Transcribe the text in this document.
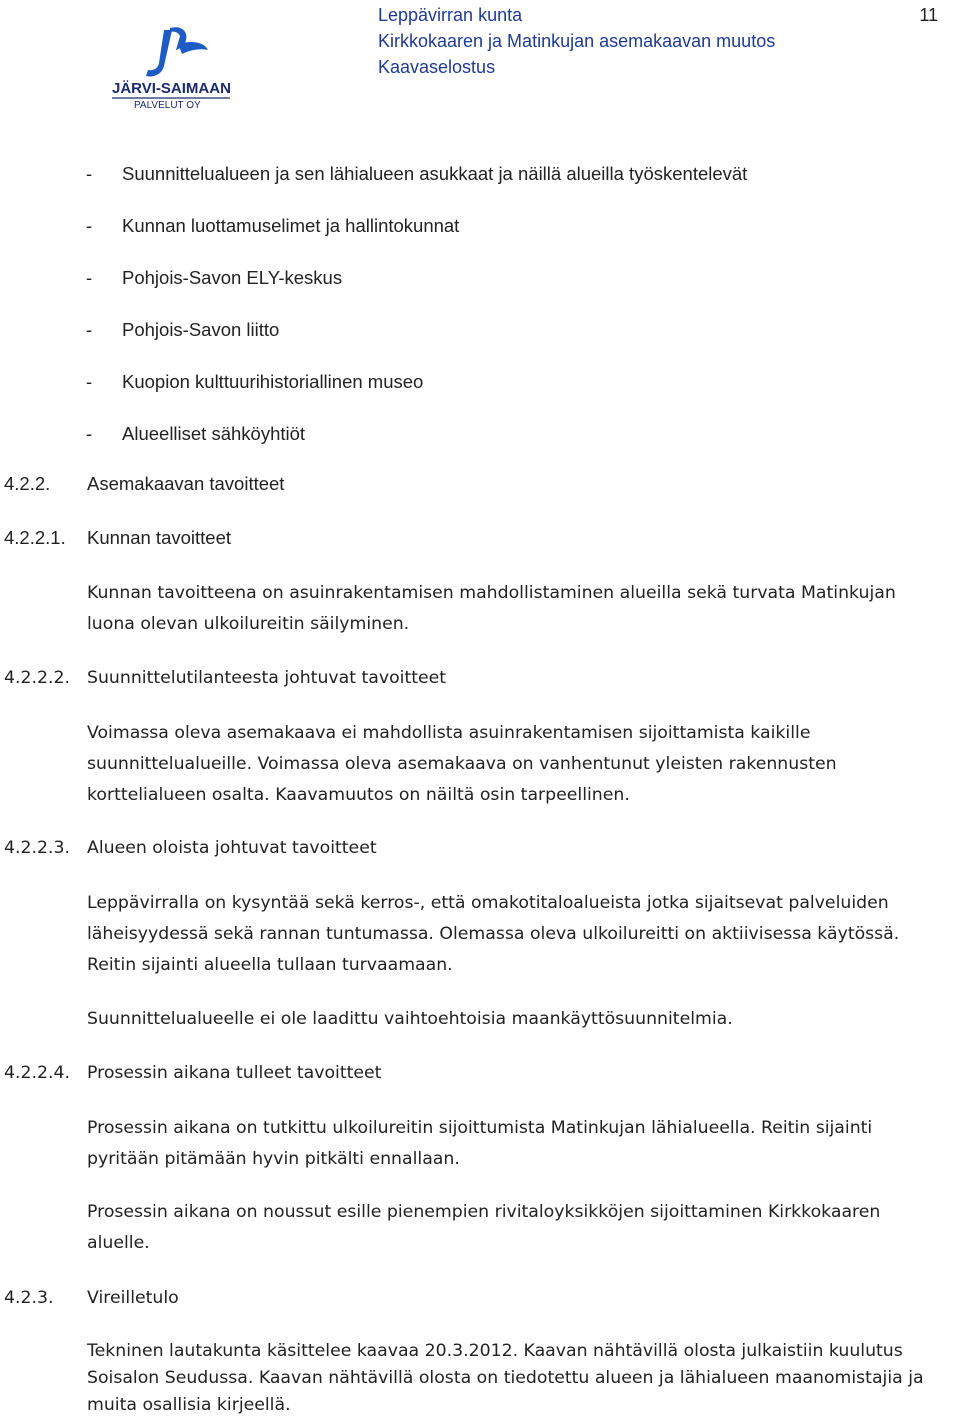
JÄRVI-SAIMAAN
PALVELUT OY
Leppävirran kunta
Kirkkokaaren ja Matinkujan asemakaavan muutos
Kaavaselostus
11
- Suunnittelualueen ja sen lähialueen asukkaat ja näillä alueilla työskentelevät
- Kunnan luottamuselimet ja hallintokunnat
- Pohjois-Savon ELY-keskus
- Pohjois-Savon liitto
- Kuopion kulttuurihistoriallinen museo
- Alueelliset sähköyhtiöt
4.2.2. Asemakaavan tavoitteet
4.2.2.1. Kunnan tavoitteet
Kunnan tavoitteena on asuinrakentamisen mahdollistaminen alueilla sekä turvata Matinkujan
luona olevan ulkoilureitin säilyminen.
4.2.2.2. Suunnittelutilanteesta johtuvat tavoitteet
Voimassa oleva asemakaava ei mahdollista asuinrakentamisen sijoittamista kaikille
suunnittelualueille. Voimassa oleva asemakaava on vanhentunut yleisten rakennusten
korttelialueen osalta. Kaavamuutos on näiltä osin tarpeellinen.
4.2.2.3. Alueen oloista johtuvat tavoitteet
Leppävirralla on kysyntää sekä kerros-, että omakotitaloalueista jotka sijaitsevat palveluiden
läheisyydessä sekä rannan tuntumassa. Olemassa oleva ulkoilureitti on aktiivisessa käytössä.
Reitin sijainti alueella tullaan turvaamaan.
Suunnittelualueelle ei ole laadittu vaihtoehtoisia maankäyttösuunnitelmia.
4.2.2.4. Prosessin aikana tulleet tavoitteet
Prosessin aikana on tutkittu ulkoilureitin sijoittumista Matinkujan lähialueella. Reitin sijainti
pyritään pitämään hyvin pitkälti ennallaan.
Prosessin aikana on noussut esille pienempien rivitaloyksikköjen sijoittaminen Kirkkokaaren
aluelle.
4.2.3. Vireilletulo
Tekninen lautakunta käsittelee kaavaa 20.3.2012. Kaavan nähtävillä olosta julkaistiin kuulutus
Soisalon Seudussa. Kaavan nähtävillä olosta on tiedotettu alueen ja lähialueen maanomistajia ja
muita osallisia kirjeellä.
